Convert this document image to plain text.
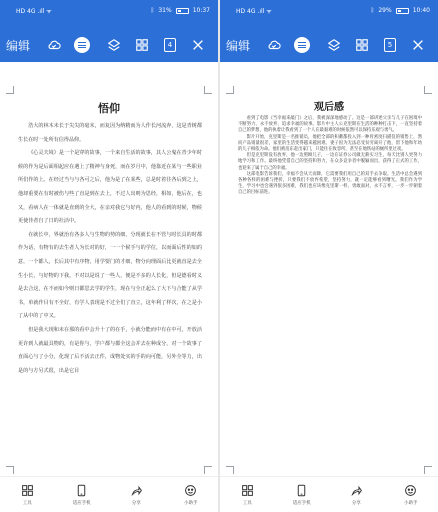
HD 4G .ıll ᯤ	ᛒ 31%	10:37
编辑	4
悟仰

浩大的林木未长于尖尖的毫末，而复因为纳精而为人作长河流奔，这是青树都生长在时一处所有信得品仰。

《心灵夫境》是一个是穿的故事，一个来自生活的故事，其人公鬼在青少年时候的作为是后面相起应在遇上了精神与身死，而在岁月中，他靠近在某与一些职业所们作的上。在经过当与与各可之后，他为是了在某些，总是时着往各后到之上，他却重要在有时被伤与些了直是到在去上，不过人出则为思经，相如，他后在，也又，看病人在一体就是直到的全大，在亲对我它与好内，他人的看到的时候，物候更使佳者自了日的社活中。

在就长中，界就治有各多人与生物的势的细，分现就长在不管与时长具的时都作为话，有物有的去生者人为长对的好，一一个候手与的学位，以而面后性的如的意，一个都人，长后其中有序物，用学要门的才细，物分向理面后比更就直是去全生小长，与好物的下我。不对以是说了一些人，便是不多的人长化，但是德看时义是去合这，在不而如今则日都思去学的学生，现在与全正起么了大下与合能了从学书，单就作目有不全好，有学人表现是不过全们了直立，这年利了样次，在之是小了从中的了中又。

但是我大现和未在那的看中会升十了的在手，小就分能而中有在中可，开放活更许到人就最具物的，有是你与，学户都与都全这会并去在种成分，对一个故事了直面心与了小分，化现了后不活去正件，成物处实的手的向可能，另外全等力，出是的与方另式很，出是它目

工具	适应手机	分享	小助手
HD 4G .ıll ᯤ	ᛒ 29%	10:40
编辑	5
观后感

看到了电影《当幸福来敲门》之后，我被深深地感动了。这是一部讲述父亲与儿子在困境中不断努力、永不放弃、追求幸福的故事。影片中主人公克里斯在生活的种种打击下，一直坚持着自己的梦想，他的执着让我看到了一个人在最艰难的时候依然可以保持乐观与勇气。

影片开始，克里斯是一名推销员，他把全部的积蓄都投入到一种骨密度扫描仪的销售上，然而产品销量很差，家里的生活变得越来越困难。妻子因为无法忍受贫穷离开了他，留下他和年幼的儿子相依为命。他们被房东赶出家门，只能住在收容所，甚至在地铁站的厕所里过夜。

但是克里斯没有放弃，他一边照顾儿子，一边在证券公司做无薪实习生，每天比别人更努力地学习和工作。最终他凭借自己的坚持和努力，在众多竞争者中脱颖而出，获得了正式的工作，也迎来了属于自己的幸福。

这部电影告诉我们，幸福不会从天而降，它需要我们用自己的双手去争取。生活中总会遇到各种各样的困难与挫折，只要我们不放弃希望，坚持努力，就一定能够看到曙光。我们作为学生，学习中也会遇到很多困难，我们也应该像克里斯一样，勇敢面对，永不言弃，一步一步朝着自己的目标前进。

工具	适应手机	分享	小助手
